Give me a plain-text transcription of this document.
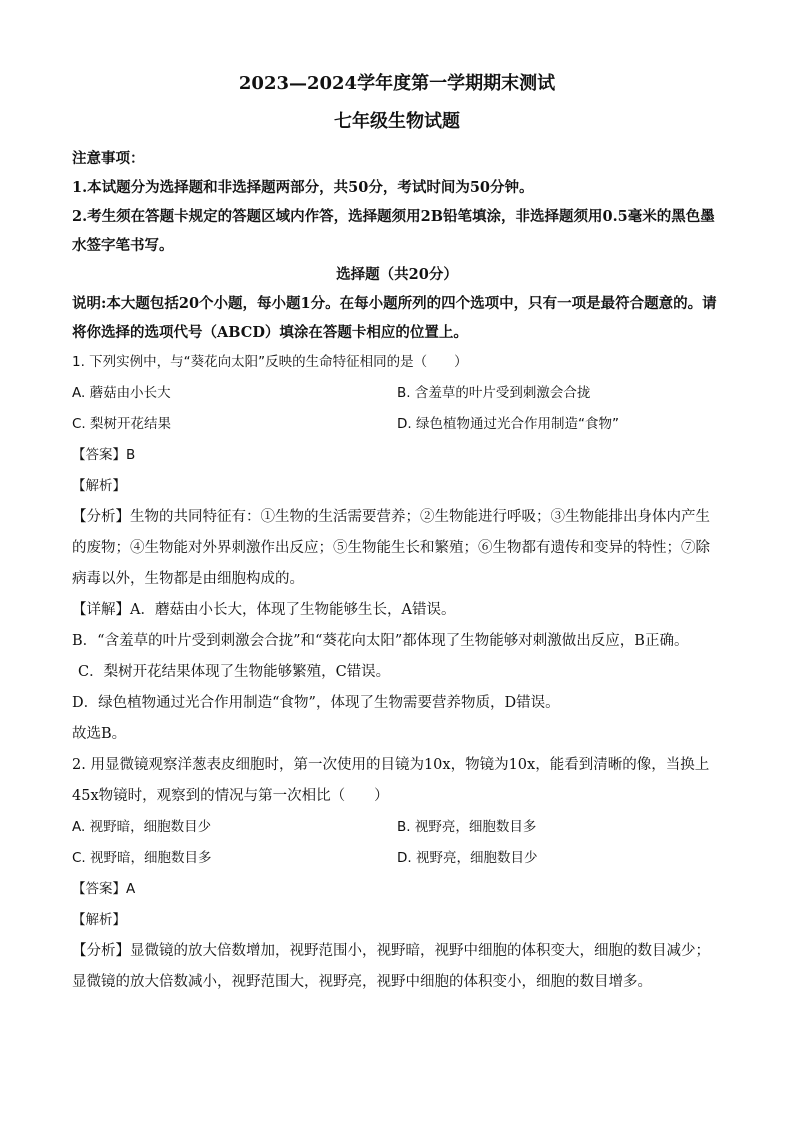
2023—2024学年度第一学期期末测试

七年级生物试题

注意事项：

1.本试题分为选择题和非选择题两部分，共50分，考试时间为50分钟。

2.考生须在答题卡规定的答题区域内作答，选择题须用2B铅笔填涂，非选择题须用0.5毫米的黑色墨水签字笔书写。

选择题（共20分）

说明:本大题包括20个小题，每小题1分。在每小题所列的四个选项中，只有一项是最符合题意的。请将你选择的选项代号（ABCD）填涂在答题卡相应的位置上。

1. 下列实例中，与“葵花向太阳”反映的生命特征相同的是（　　）

A. 蘑菇由小长大	B. 含羞草的叶片受到刺激会合拢
C. 梨树开花结果	D. 绿色植物通过光合作用制造“食物”

【答案】B

【解析】

【分析】生物的共同特征有：①生物的生活需要营养；②生物能进行呼吸；③生物能排出身体内产生的废物；④生物能对外界刺激作出反应；⑤生物能生长和繁殖；⑥生物都有遗传和变异的特性；⑦除病毒以外，生物都是由细胞构成的。

【详解】A．蘑菇由小长大，体现了生物能够生长，A错误。

B．“含羞草的叶片受到刺激会合拢”和“葵花向太阳”都体现了生物能够对刺激做出反应，B正确。

C．梨树开花结果体现了生物能够繁殖，C错误。

D．绿色植物通过光合作用制造“食物”，体现了生物需要营养物质，D错误。

故选B。

2. 用显微镜观察洋葱表皮细胞时，第一次使用的目镜为10x，物镜为10x，能看到清晰的像，当换上45x物镜时，观察到的情况与第一次相比（　　）

A. 视野暗，细胞数目少	B. 视野亮，细胞数目多
C. 视野暗，细胞数目多	D. 视野亮，细胞数目少

【答案】A

【解析】

【分析】显微镜的放大倍数增加，视野范围小，视野暗，视野中细胞的体积变大，细胞的数目减少；显微镜的放大倍数减小，视野范围大，视野亮，视野中细胞的体积变小，细胞的数目增多。
